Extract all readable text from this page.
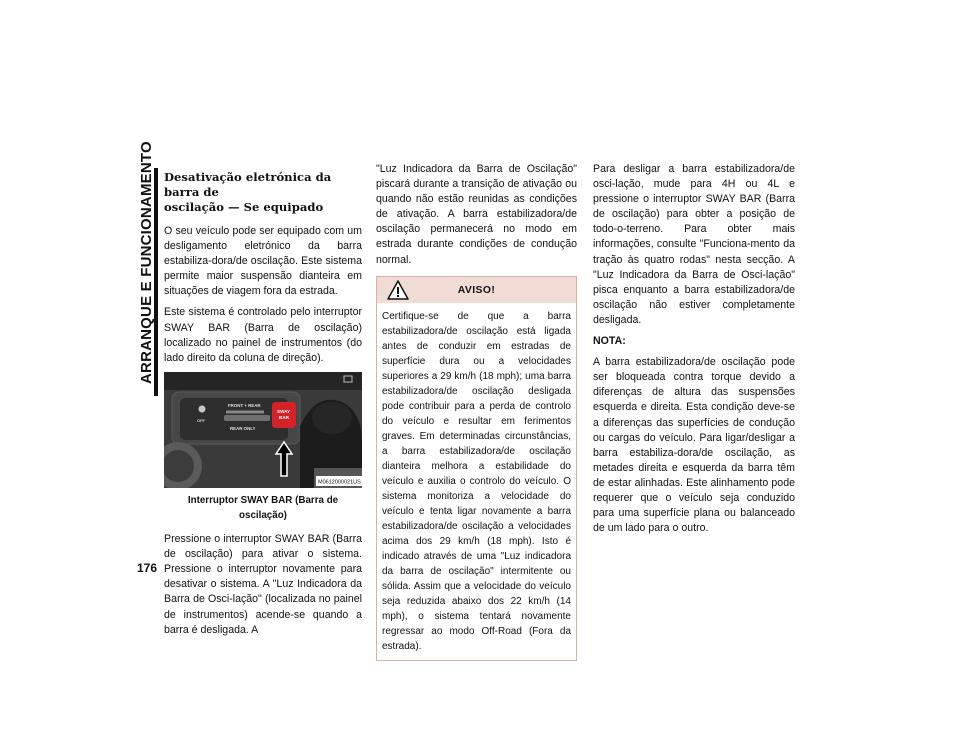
ARRANQUE E FUNCIONAMENTO
176
Desativação eletrónica da barra de
oscilação — Se equipado

O seu veículo pode ser equipado com um desligamento eletrónico da barra estabiliza-dora/de oscilação. Este sistema permite maior suspensão dianteira em situações de viagem fora da estrada.

Este sistema é controlado pelo interruptor SWAY BAR (Barra de oscilação) localizado no painel de instrumentos (do lado direito da coluna de direção).

FRONT + REAR
REAR ONLY
OFF
SWAY
BAR
M0612000021US
Interruptor SWAY BAR (Barra de oscilação)

Pressione o interruptor SWAY BAR (Barra de oscilação) para ativar o sistema. Pressione o interruptor novamente para desativar o sistema. A "Luz Indicadora da Barra de Osci-lação" (localizada no painel de instrumentos) acende-se quando a barra é desligada. A

"Luz Indicadora da Barra de Oscilação" piscará durante a transição de ativação ou quando não estão reunidas as condições de ativação. A barra estabilizadora/de oscilação permanecerá no modo em estrada durante condições de condução normal.

AVISO!
Certifique-se de que a barra estabilizadora/de oscilação está ligada antes de conduzir em estradas de superfície dura ou a velocidades superiores a 29 km/h (18 mph); uma barra estabilizadora/de oscilação desligada pode contribuir para a perda de controlo do veículo e resultar em ferimentos graves. Em determinadas circunstâncias, a barra estabilizadora/de oscilação dianteira melhora a estabilidade do veículo e auxilia o controlo do veículo. O sistema monitoriza a velocidade do veículo e tenta ligar novamente a barra estabilizadora/de oscilação a velocidades acima dos 29 km/h (18 mph). Isto é indicado através de uma "Luz indicadora da barra de oscilação" intermitente ou sólida. Assim que a velocidade do veículo seja reduzida abaixo dos 22 km/h (14 mph), o sistema tentará novamente regressar ao modo Off-Road (Fora da estrada).

Para desligar a barra estabilizadora/de osci-lação, mude para 4H ou 4L e pressione o interruptor SWAY BAR (Barra de oscilação) para obter a posição de todo-o-terreno. Para obter mais informações, consulte "Funciona-mento da tração às quatro rodas" nesta secção. A "Luz Indicadora da Barra de Osci-lação" pisca enquanto a barra estabilizadora/de oscilação não estiver completamente desligada.

NOTA:

A barra estabilizadora/de oscilação pode ser bloqueada contra torque devido a diferenças de altura das suspensões esquerda e direita. Esta condição deve-se a diferenças das superfícies de condução ou cargas do veículo. Para ligar/desligar a barra estabiliza-dora/de oscilação, as metades direita e esquerda da barra têm de estar alinhadas. Este alinhamento pode requerer que o veículo seja conduzido para uma superfície plana ou balanceado de um lado para o outro.
